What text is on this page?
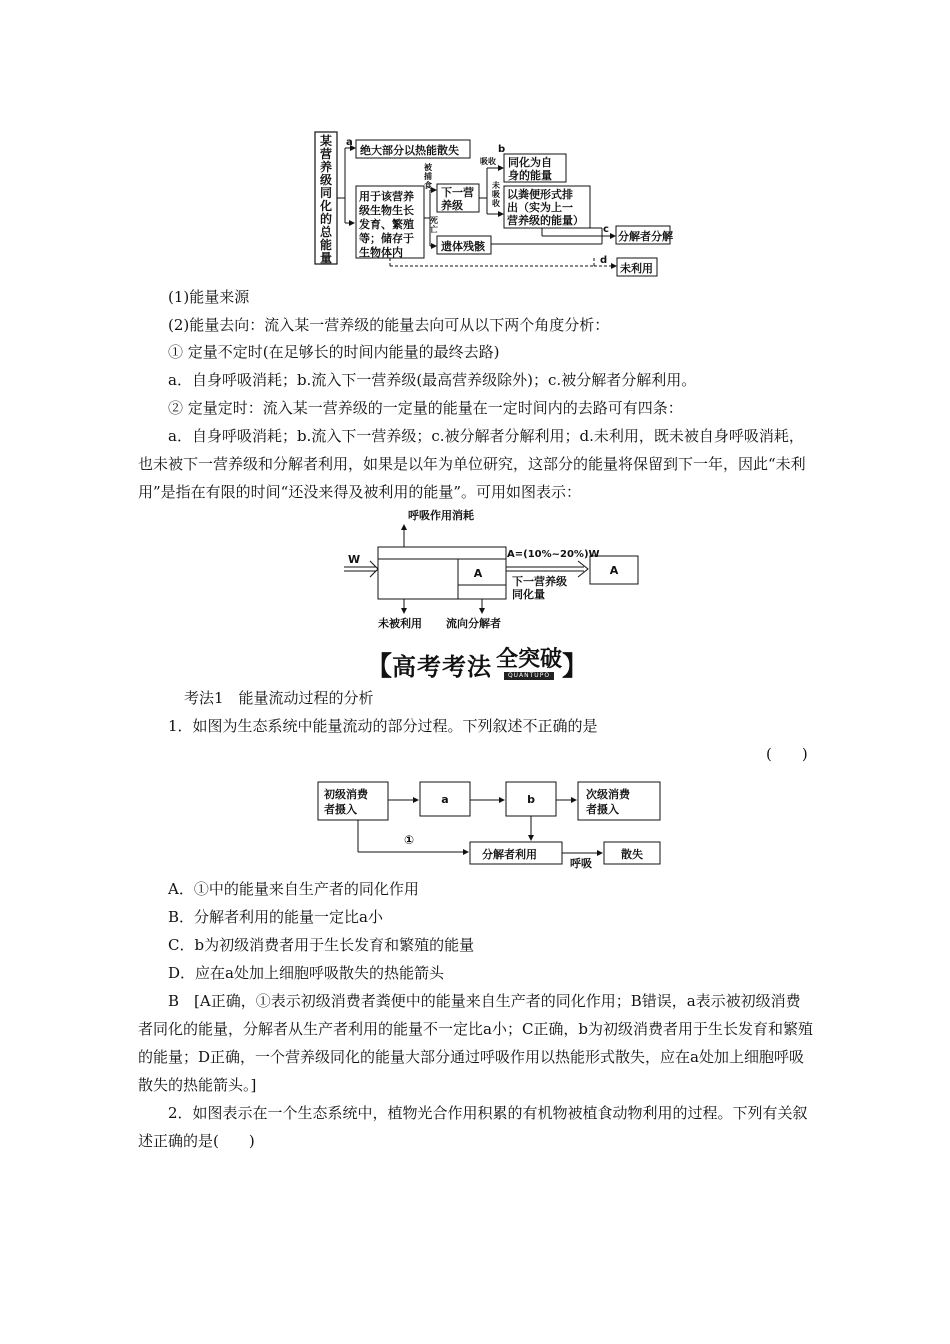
某
营
养
级
同
化
的
总
能
量
a
绝大部分以热能散失
用于该营养
级生物生长
发育、繁殖
等；储存于
生物体内
被
捕
食
死
亡
下一营
养级
遗体残骸
b
吸收
未
吸
收
同化为自
身的能量
以粪便形式排
出（实为上一
营养级的能量）
c
分解者分解
d
未利用
(1)能量来源
(2)能量去向：流入某一营养级的能量去向可从以下两个角度分析：
① 定量不定时(在足够长的时间内能量的最终去路)
a．自身呼吸消耗；b.流入下一营养级(最高营养级除外)；c.被分解者分解利用。
② 定量定时：流入某一营养级的一定量的能量在一定时间内的去路可有四条：
a．自身呼吸消耗；b.流入下一营养级；c.被分解者分解利用；d.未利用，既未被自身呼吸消耗，也未被下一营养级和分解者利用，如果是以年为单位研究，这部分的能量将保留到下一年，因此“未利用”是指在有限的时间“还没来得及被利用的能量”。可用如图表示：
呼吸作用消耗
A
W	A=(10%~20%)W
A
下一营养级
同化量
未被利用 流向分解者
【 高考考法 全突破
QUANTUPO 】
考法1　能量流动过程的分析
1．如图为生态系统中能量流动的部分过程。下列叙述不正确的是
(　　)
初级消费
者摄入
a	b	次级消费
者摄入
①
分解者利用
呼吸
散失
A．①中的能量来自生产者的同化作用
B．分解者利用的能量一定比a小
C．b为初级消费者用于生长发育和繁殖的能量
D．应在a处加上细胞呼吸散失的热能箭头
B　[A正确，①表示初级消费者粪便中的能量来自生产者的同化作用；B错误，a表示被初级消费者同化的能量，分解者从生产者利用的能量不一定比a小；C正确，b为初级消费者用于生长发育和繁殖的能量；D正确，一个营养级同化的能量大部分通过呼吸作用以热能形式散失，应在a处加上细胞呼吸散失的热能箭头。]
2．如图表示在一个生态系统中，植物光合作用积累的有机物被植食动物利用的过程。下列有关叙述正确的是(　　)
